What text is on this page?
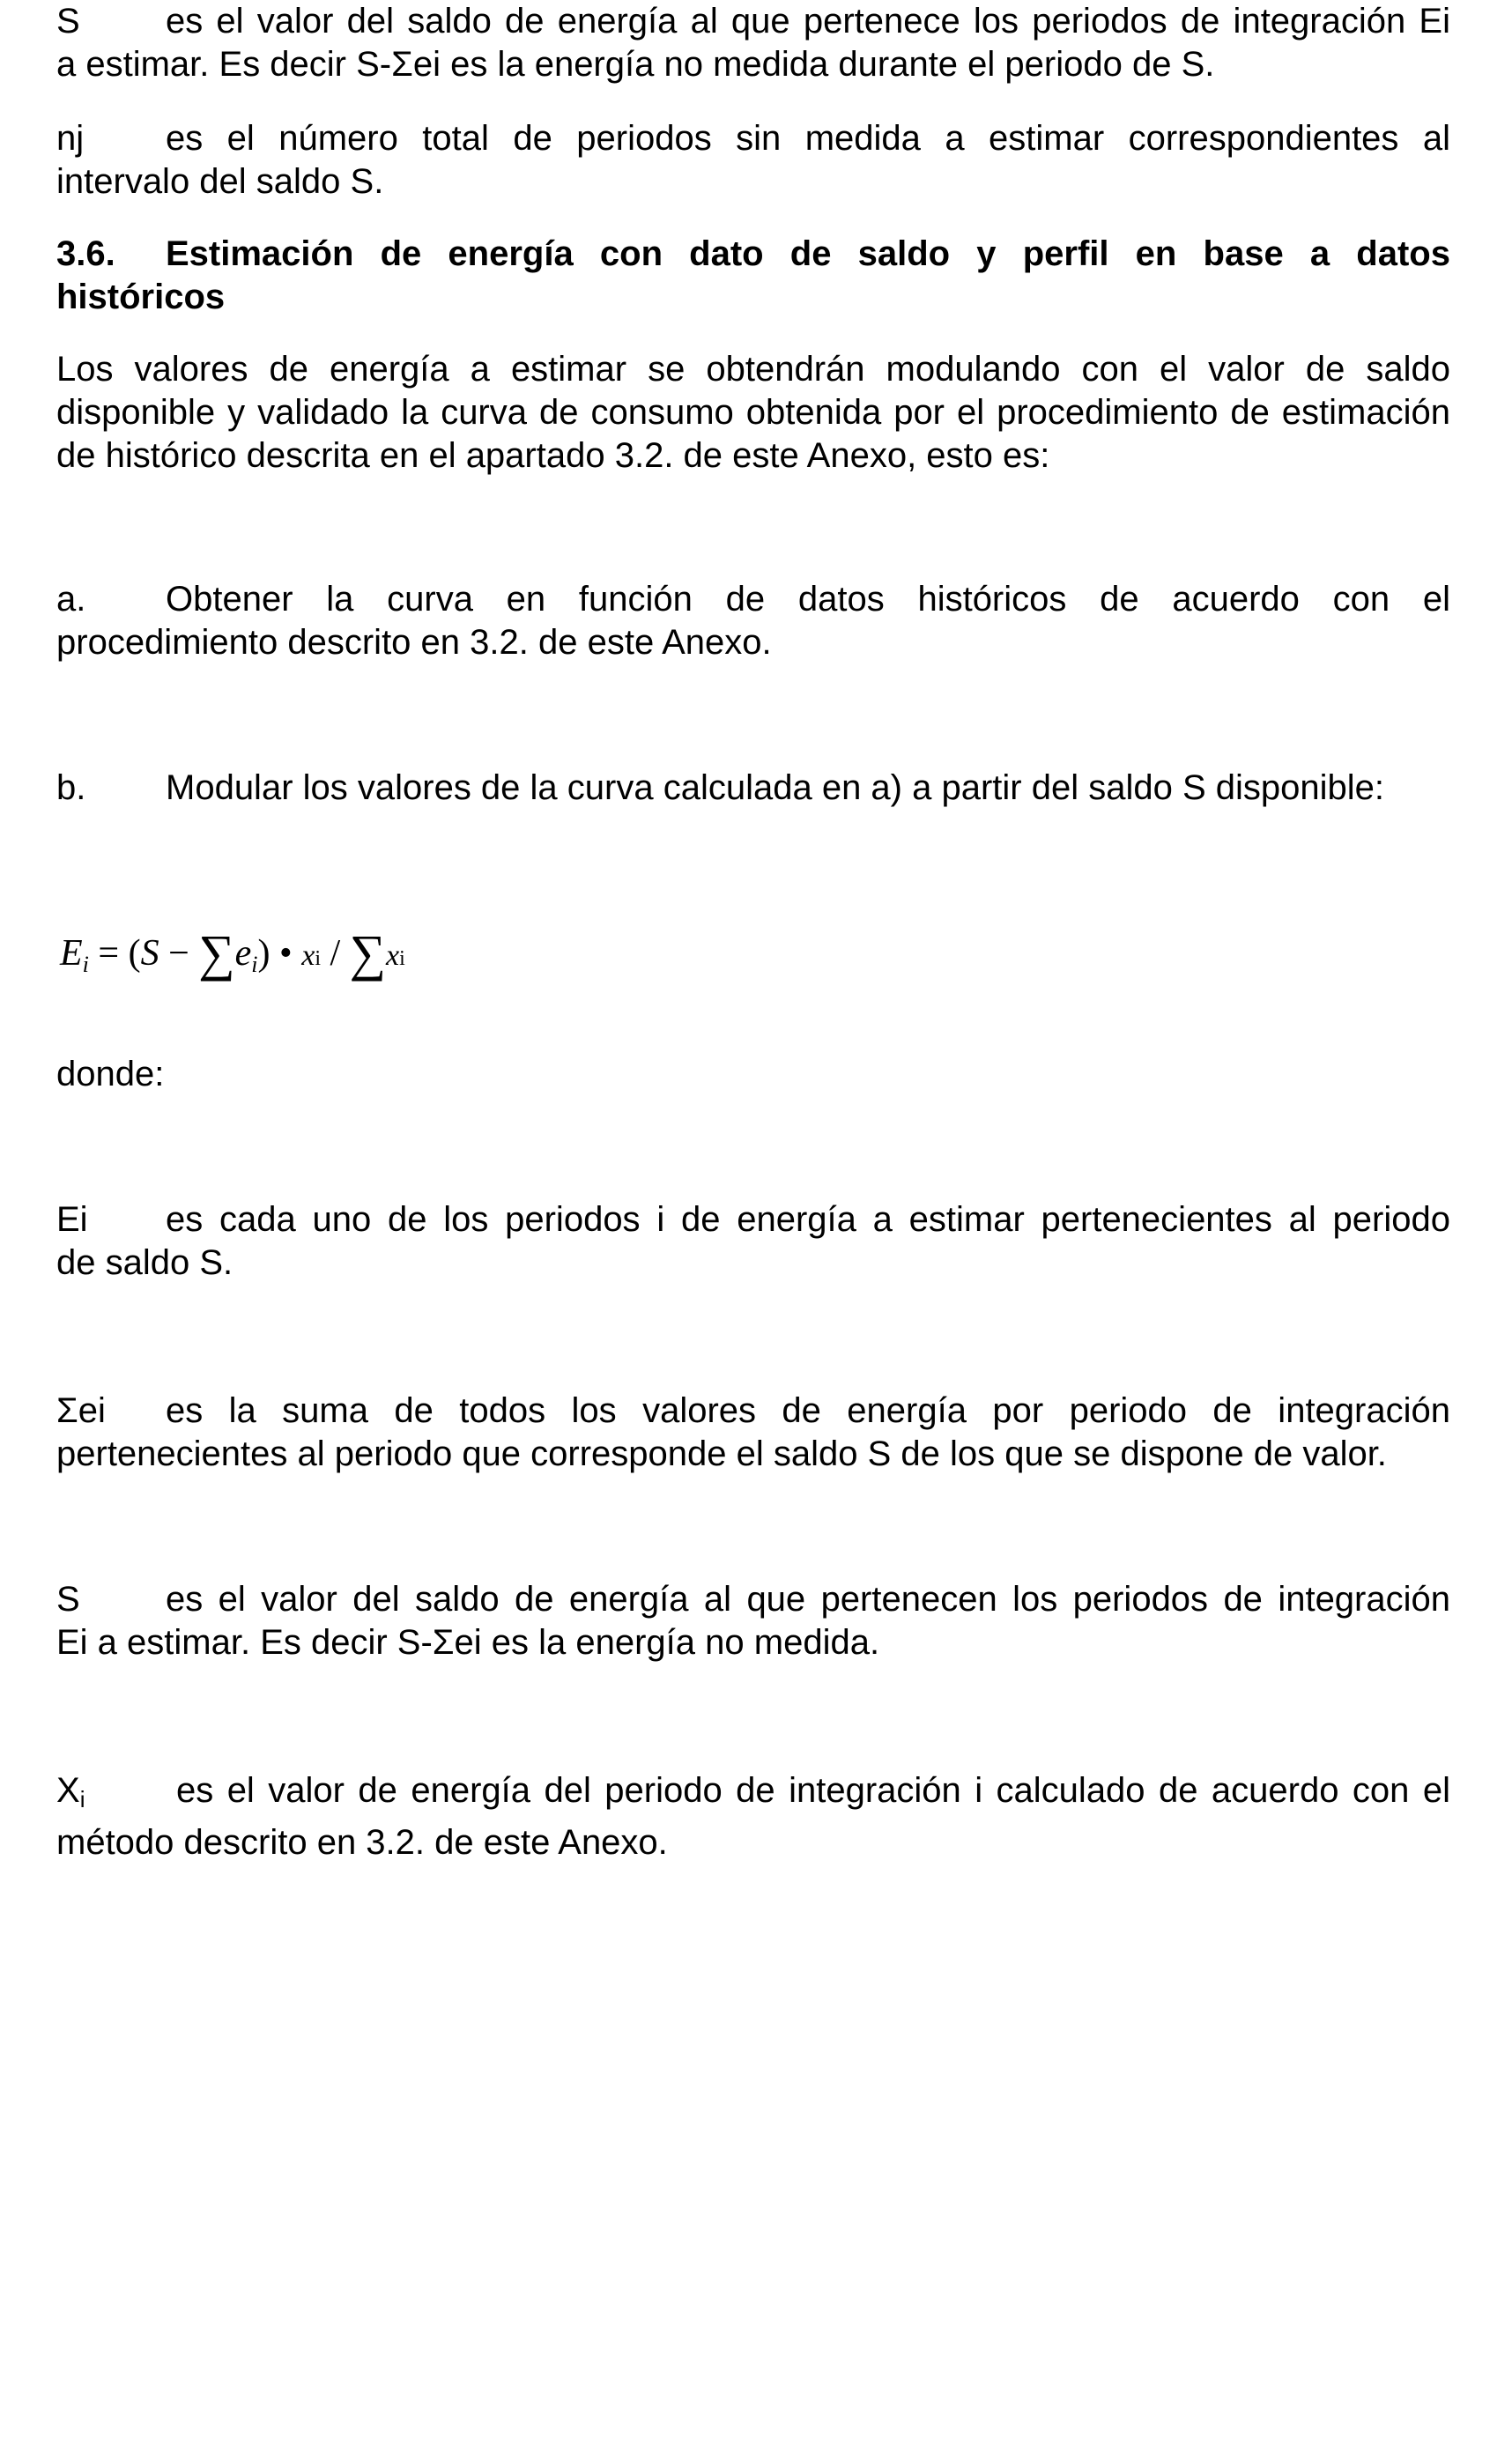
S es el valor del saldo de energía al que pertenece los periodos de integración Ei
a estimar. Es decir S-Σei es la energía no medida durante el periodo de S.
nj es el número total de periodos sin medida a estimar correspondientes al
intervalo del saldo S.
3.6. Estimación de energía con dato de saldo y perfil en base a datos
históricos
Los valores de energía a estimar se obtendrán modulando con el valor de saldo disponible y validado la curva de consumo obtenida por el procedimiento de estimación de histórico descrita en el apartado 3.2. de este Anexo, esto es:
a. Obtener la curva en función de datos históricos de acuerdo con el
procedimiento descrito en 3.2. de este Anexo.
b. Modular los valores de la curva calculada en a) a partir del saldo S disponible:
$E_i = (S - \sum e_i)$ • xi / ∑xi
donde:
Ei es cada uno de los periodos i de energía a estimar pertenecientes al periodo
de saldo S.
Σei es la suma de todos los valores de energía por periodo de integración
pertenecientes al periodo que corresponde el saldo S de los que se dispone de valor.
S es el valor del saldo de energía al que pertenecen los periodos de integración
Ei a estimar. Es decir S-Σei es la energía no medida.
Xi	es el valor de energía del periodo de integración i calculado de acuerdo con el
método descrito en 3.2. de este Anexo.
